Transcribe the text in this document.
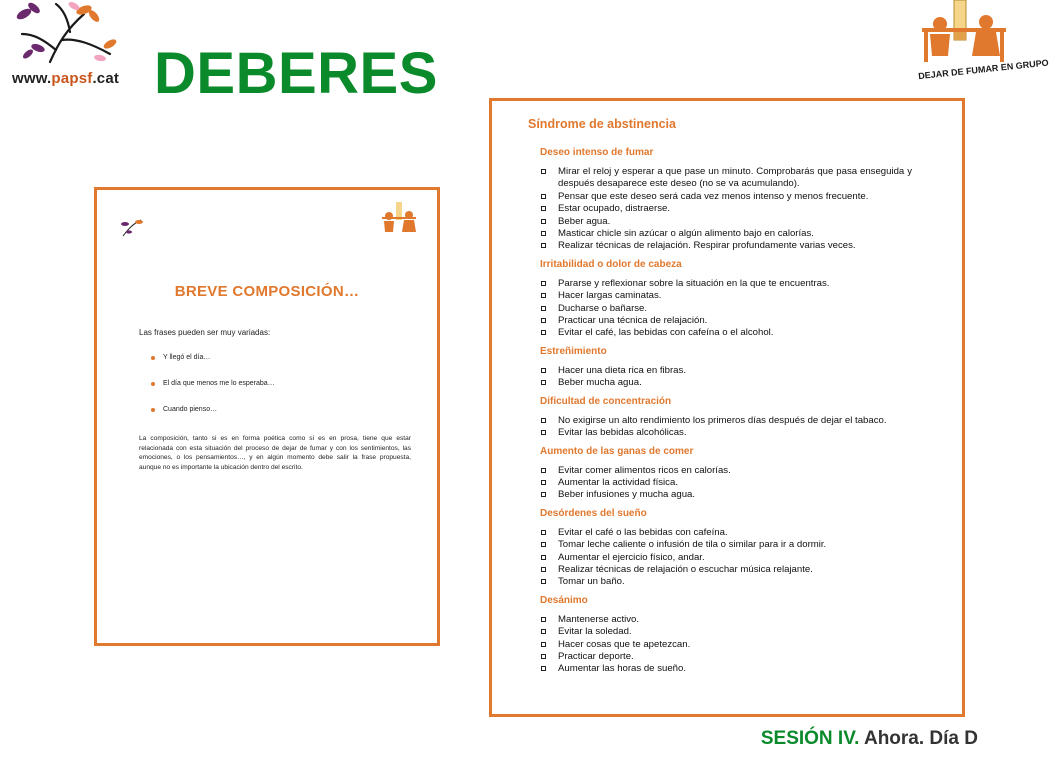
www.papsf.cat DEBERES	DEJAR DE FUMAR EN GRUPO
BREVE COMPOSICIÓN…

Las frases pueden ser muy variadas:

Y llegó el día…
El día que menos me lo esperaba…
Cuando pienso…

La composición, tanto si es en forma poética como si es en prosa, tiene que estar relacionada con esta situación del proceso de dejar de fumar y con los sentimientos, las emociones, o los pensamientos…, y en algún momento debe salir la frase propuesta, aunque no es importante la ubicación dentro del escrito.

Síndrome de abstinencia

Deseo intenso de fumar

Mirar el reloj y esperar a que pase un minuto. Comprobarás que pasa enseguida y después desaparece este deseo (no se va acumulando).
Pensar que este deseo será cada vez menos intenso y menos frecuente.
Estar ocupado, distraerse.
Beber agua.
Masticar chicle sin azúcar o algún alimento bajo en calorías.
Realizar técnicas de relajación. Respirar profundamente varias veces.

Irritabilidad o dolor de cabeza

Pararse y reflexionar sobre la situación en la que te encuentras.
Hacer largas caminatas.
Ducharse o bañarse.
Practicar una técnica de relajación.
Evitar el café, las bebidas con cafeína o el alcohol.

Estreñimiento

Hacer una dieta rica en fibras.
Beber mucha agua.

Dificultad de concentración

No exigirse un alto rendimiento los primeros días después de dejar el tabaco.
Evitar las bebidas alcohólicas.

Aumento de las ganas de comer

Evitar comer alimentos ricos en calorías.
Aumentar la actividad física.
Beber infusiones y mucha agua.

Desórdenes del sueño

Evitar el café o las bebidas con cafeína.
Tomar leche caliente o infusión de tila o similar para ir a dormir.
Aumentar el ejercicio físico, andar.
Realizar técnicas de relajación o escuchar música relajante.
Tomar un baño.

Desánimo

Mantenerse activo.
Evitar la soledad.
Hacer cosas que te apetezcan.
Practicar deporte.
Aumentar las horas de sueño.
SESIÓN IV. Ahora. Día D
